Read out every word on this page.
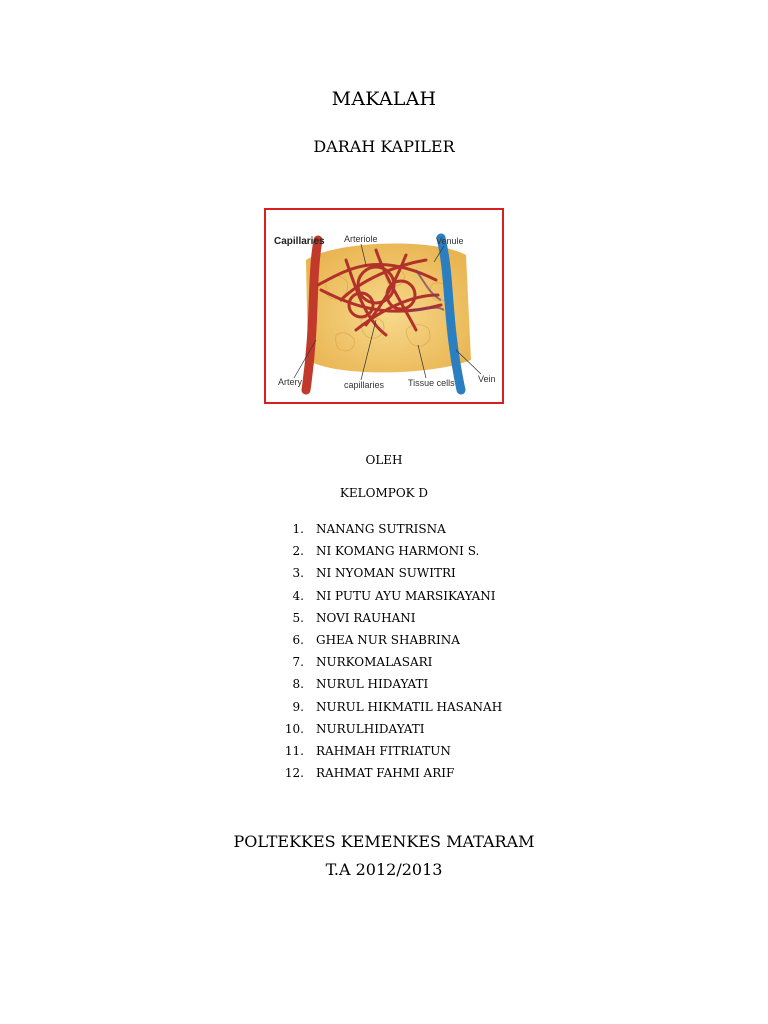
MAKALAH
DARAH KAPILER
Capillaries Arteriole	Venule
Artery	capillaries	Tissue cells	Vein
OLEH
KELOMPOK D
1.	NANANG SUTRISNA
2.	NI KOMANG HARMONI S.
3.	NI NYOMAN SUWITRI
4.	NI PUTU AYU MARSIKAYANI
5.	NOVI RAUHANI
6.	GHEA NUR SHABRINA
7.	NURKOMALASARI
8.	NURUL HIDAYATI
9.	NURUL HIKMATIL HASANAH
10.	NURULHIDAYATI
11.	RAHMAH FITRIATUN
12.	RAHMAT FAHMI ARIF
POLTEKKES KEMENKES MATARAM
T.A 2012/2013
